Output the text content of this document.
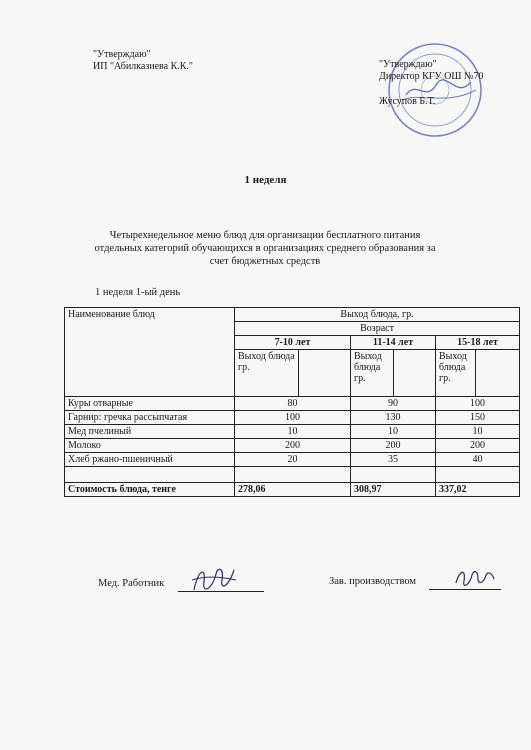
"Утверждаю"
ИП "Абилказиева К.К."	"Утверждаю"
Директор КГУ ОШ №70
Жусупов Б.Т.
1 неделя
Четырехнедельное меню блюд для организации бесплатного питания
отдельных категорий обучающихся в организациях среднего образования за
счет бюджетных средств
1 неделя 1-ый день
Наименование блюд	Выход блюда, гр.					
	Возраст					
	7-10 лет		11-14 лет		15-18 лет	
	Выход блюда гр.		Выход блюда гр.		Выход блюда гр.	
Куры отварные	80		90		100	
Гарнир: гречка рассыпчатая	100		130		150	
Мед пчелиный	10		10		10	
Молоко	200		200		200	
Хлеб ржано-пшеничный	20		35		40	

Стоимость блюда, тенге	278,06		308,97		337,02	
Мед. Работник	Зав. производством
